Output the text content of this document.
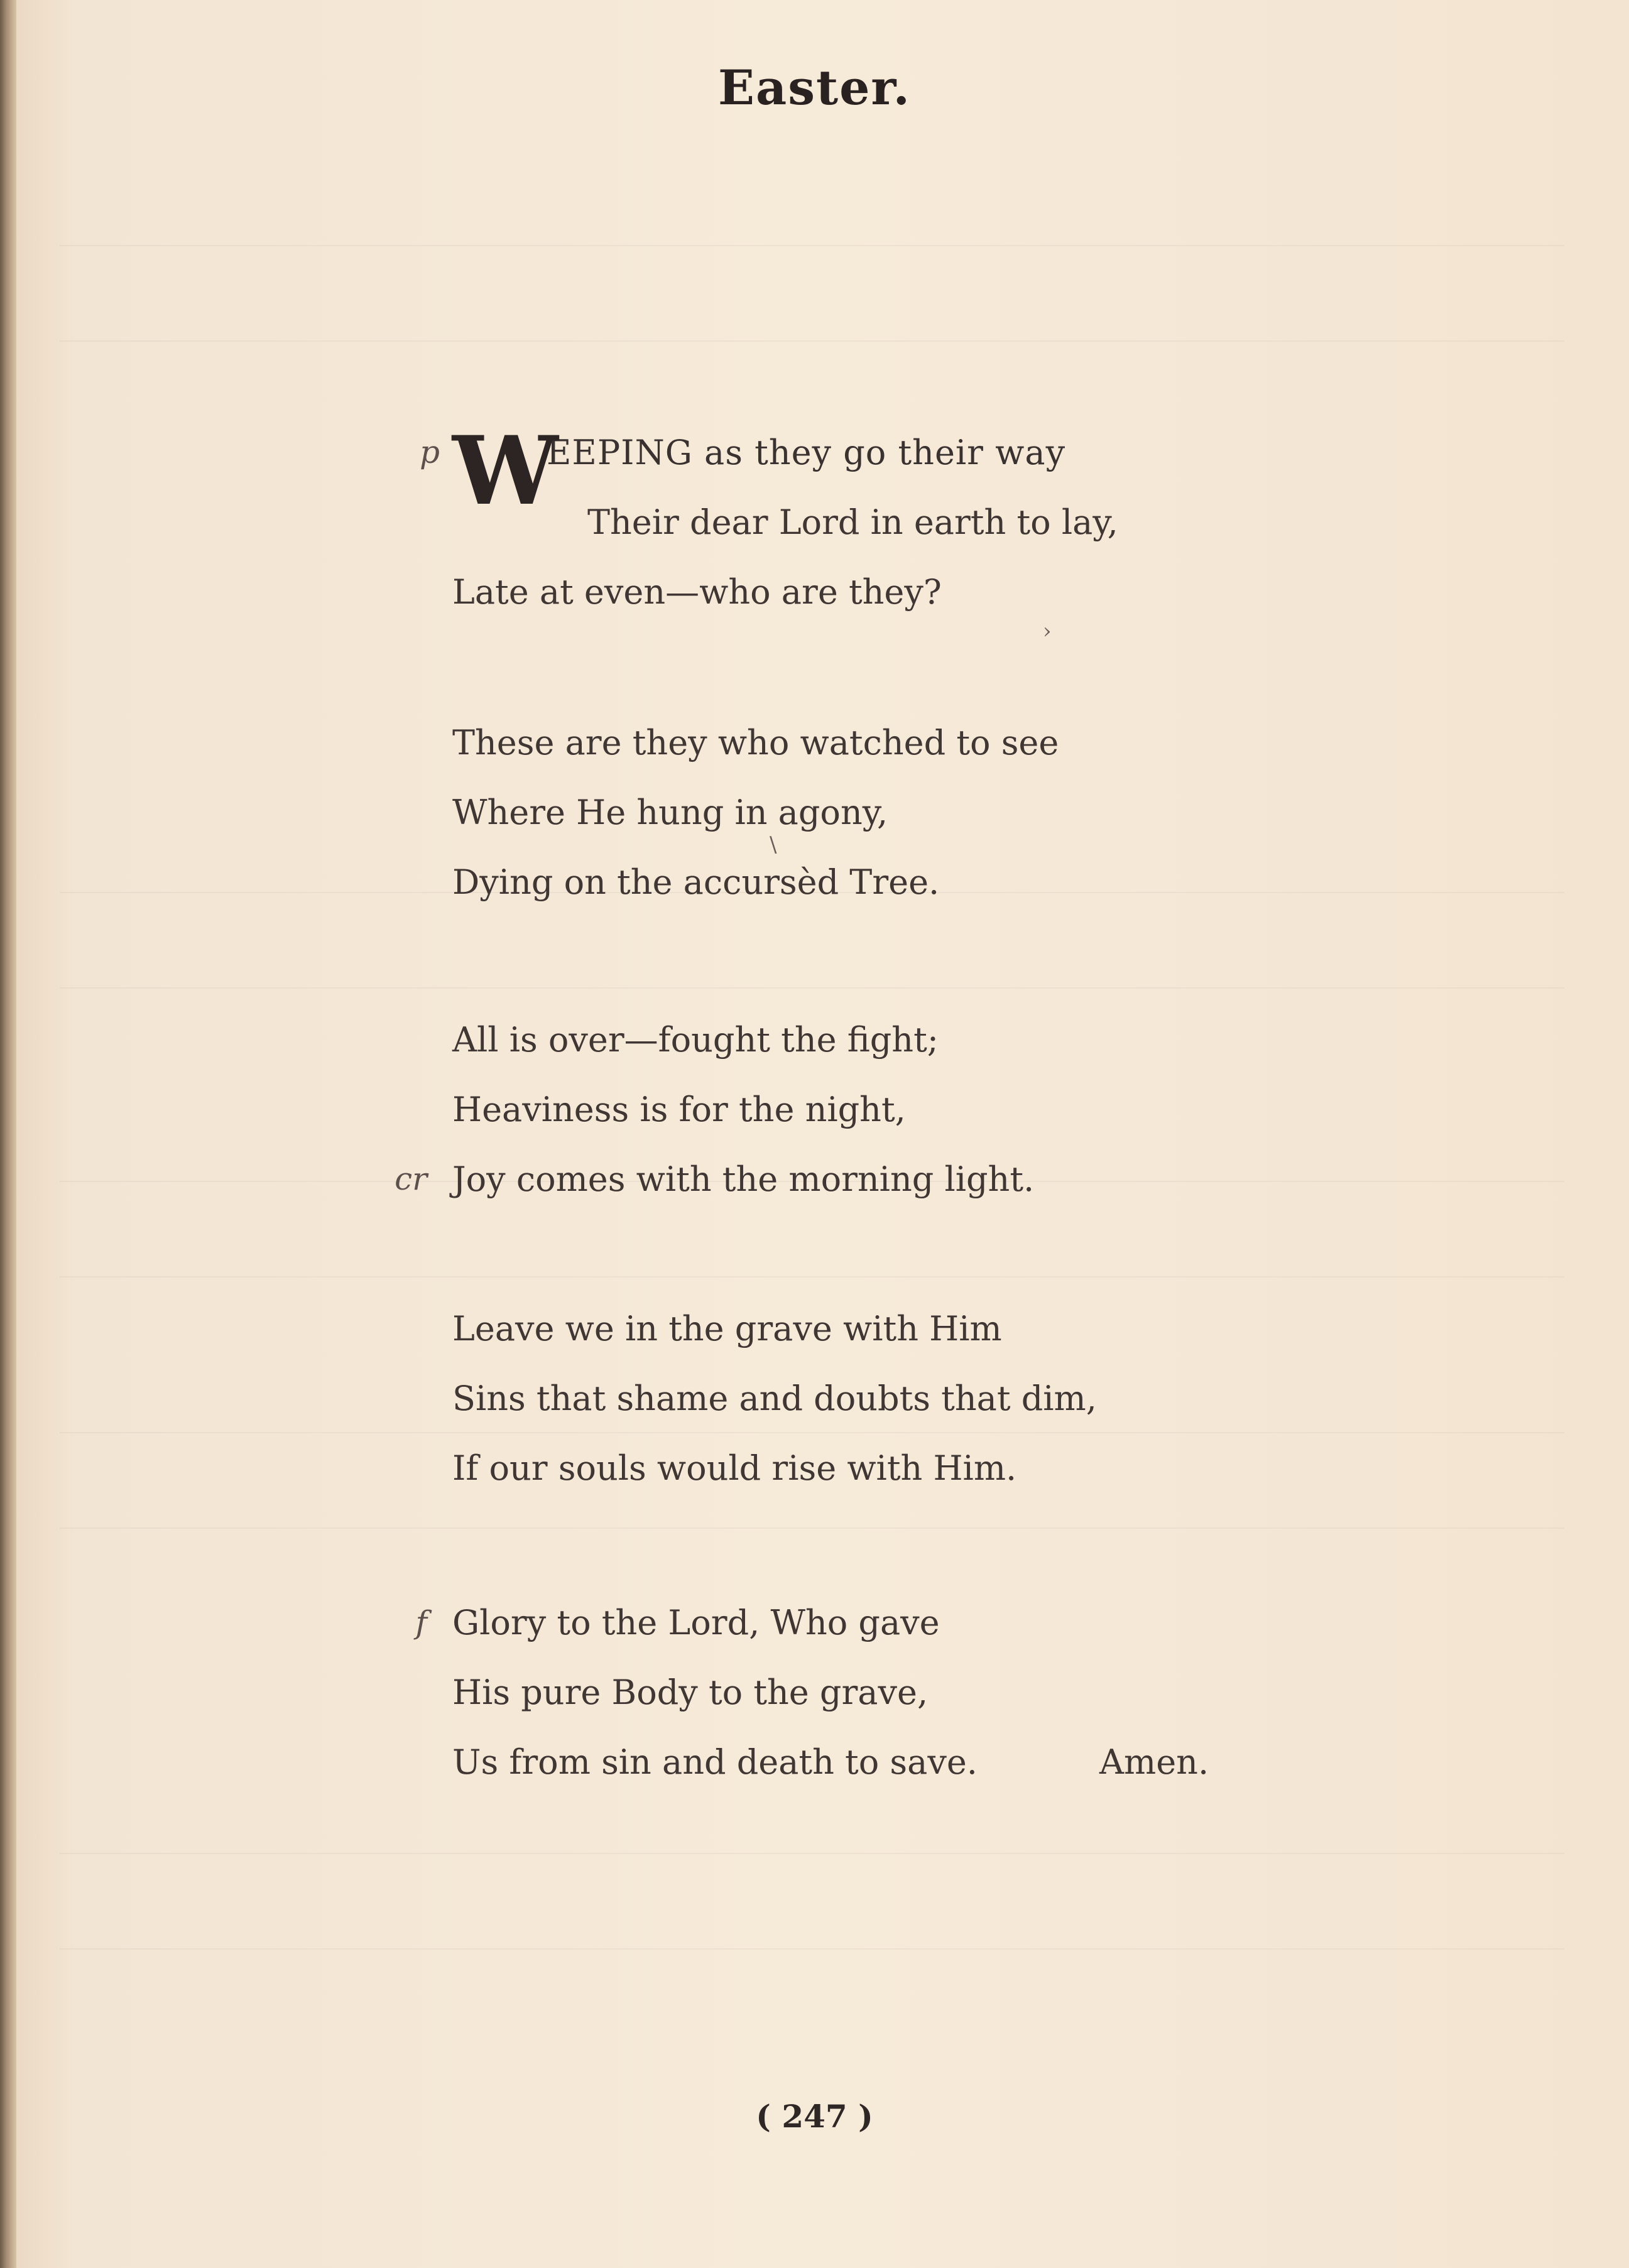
Easter.
W
EEPING as they go their way
Their dear Lord in earth to lay,
Late at even—who are they?
p
›
These are they who watched to see
Where He hung in agony,
Dying on the accursèd Tree.
\
All is over—fought the fight;
Heaviness is for the night,
Joy comes with the morning light.
cr
Leave we in the grave with Him
Sins that shame and doubts that dim,
If our souls would rise with Him.
Glory to the Lord, Who gave
His pure Body to the grave,
Us from sin and death to save.	Amen.
f
( 247 )
